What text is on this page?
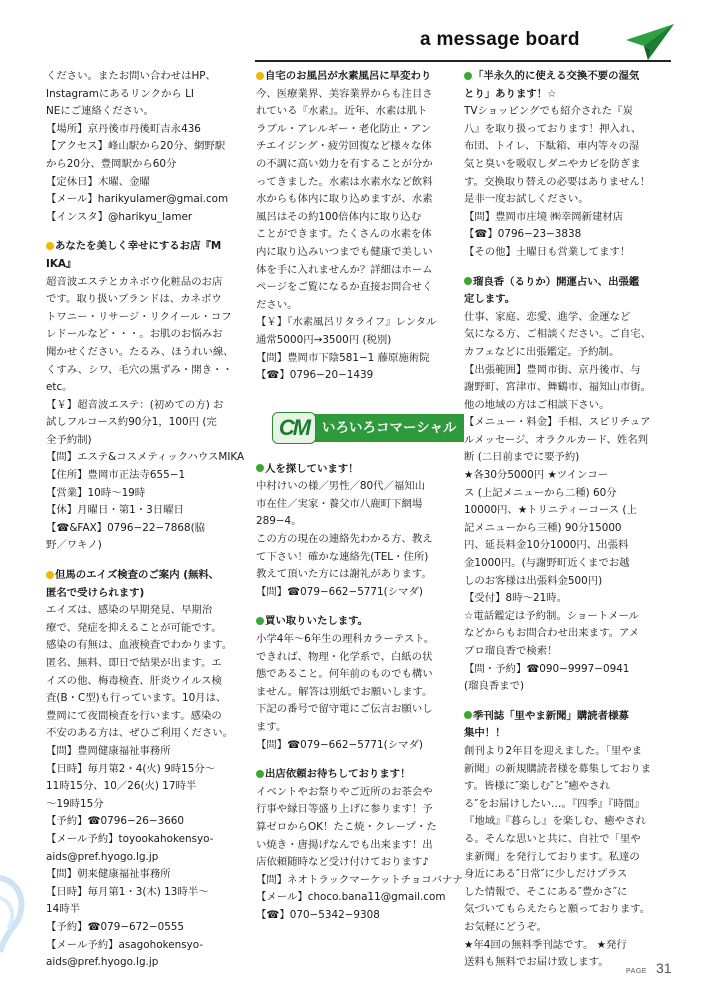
a message board
いろいろコマーシャル
CM
ください。またお問い合わせはHP、
Instagramにあるリンクから LI
NEにご連絡ください。
【場所】京丹後市丹後町吉永436
【アクセス】峰山駅から20分、網野駅
から20分、豊岡駅から60分
【定休日】木曜、金曜
【メール】harikyulamer@gmai.com
【インスタ】@harikyu_lamer
あなたを美しく幸せにするお店『M
IKA』
超音波エステとカネボウ化粧品のお店
です。取り扱いブランドは、カネボウ
トワニー・リサージ・リクイール・コフ
レドールなど・・・。お肌のお悩みお
聞かせください。たるみ、ほうれい線、
くすみ、シワ、毛穴の黒ずみ・開き・・
etc。
【￥】超音波エステ：(初めての方) お
試しフルコース約90分1，100円 (完
全予約制)
【問】エステ&コスメティックハウスMIKA
【住所】豊岡市正法寺655−1
【営業】10時〜19時
【休】月曜日・第1・3日曜日
【☎&FAX】0796−22−7868(脇
野／ワキノ)
但馬のエイズ検査のご案内 (無料、
匿名で受けられます)
エイズは、感染の早期発見、早期治
療で、発症を抑えることが可能です。
感染の有無は、血液検査でわかります。
匿名、無料、即日で結果が出ます。エ
イズの他、梅毒検査、肝炎ウイルス検
査(B・C型)も行っています。10月は、
豊岡にて夜間検査を行います。感染の
不安のある方は、ぜひご利用ください。
【問】豊岡健康福祉事務所
【日時】毎月第2・4(火) 9時15分〜
11時15分、10／26(火) 17時半
〜19時15分
【予約】☎0796−26−3660
【メール予約】toyookahokensyo-
aids@pref.hyogo.lg.jp
【問】朝来健康福祉事務所
【日時】毎月第1・3(木) 13時半〜
14時半
【予約】☎079−672−0555
【メール予約】asagohokensyo-
aids@pref.hyogo.lg.jp
自宅のお風呂が水素風呂に早変わり
今、医療業界、美容業界からも注目さ
れている『水素』。近年、水素は肌ト
ラブル・アレルギー・老化防止・アン
チエイジング・疲労回復など様々な体
の不調に高い効力を有することが分か
ってきました。水素は水素水など飲料
水からも体内に取り込めますが、水素
風呂はその約100倍体内に取り込む
ことができます。たくさんの水素を体
内に取り込みいつまでも健康で美しい
体を手に入れませんか？詳細はホーム
ページをご覧になるか直接お問合せく
ださい。
【￥】『水素風呂リタライフ』レンタル
通常5000円→3500円 (税別)
【問】豊岡市下陰581−1 藤原施術院
【☎】0796−20−1439
人を探しています！
中村けいの様／男性／80代／福知山
市在住／実家・養父市八鹿町下網場
289−4。
この方の現在の連絡先わかる方、教え
て下さい！確かな連絡先(TEL・住所)
教えて頂いた方には謝礼があります。
【問】☎079−662−5771(シマダ)
買い取りいたします。
小学4年〜6年生の理科カラーテスト。
できれば、物理・化学系で、白紙の状
態であること。何年前のものでも構い
ません。解答は別紙でお願いします。
下記の番号で留守電にご伝言お願いし
ます。
【問】☎079−662−5771(シマダ)
出店依頼お待ちしております！
イベントやお祭りやご近所のお茶会や
行事や縁日等盛り上げに参ります！予
算ゼロからOK！たこ焼・クレープ・た
い焼き・唐揚げなんでも出来ます！出
店依頼随時など受け付けております♪
【問】ネオトラックマーケットチョコバナナ
【メール】choco.bana11@gmail.com
【☎】070−5342−9308
「半永久的に使える交換不要の湿気
とり」あります！☆
TVショッピングでも紹介された『炭
八』を取り扱っております！押入れ、
布団、トイレ、下駄箱、車内等々の湿
気と臭いを吸収しダニやカビを防ぎま
す。交換取り替えの必要はありません！
是非一度お試しください。
【問】豊岡市庄境 ㈱幸岡新建材店
【☎】0796−23−3838
【その他】土曜日も営業してます！
瑠良香（るりか）開運占い、出張鑑
定します。
仕事、家庭、恋愛、進学、金運など
気になる方、ご相談ください。ご自宅、
カフェなどに出張鑑定。予約制。
【出張範囲】豊岡市街、京丹後市、与
謝野町、宮津市、舞鶴市、福知山市街。
他の地域の方はご相談下さい。
【メニュー・料金】手相、スピリチュア
ルメッセージ、オラクルカード、姓名判
断 (二日前までに要予約)
★各30分5000円 ★ツインコー
ス (上記メニューから二種) 60分
10000円、★トリニティーコース (上
記メニューから三種) 90分15000
円、延長料金10分1000円、出張料
金1000円。(与謝野町近くまでお越
しのお客様は出張料金500円)
【受付】8時〜21時。
☆電話鑑定は予約制。ショートメール
などからもお問合わせ出来ます。アメ
ブロ瑠良香で検索！
【問・予約】☎090−9997−0941
(瑠良香まで)
季刊誌「里やま新聞」購読者様募
集中！！
創刊より2年目を迎えました。「里やま
新聞」の新規購読者様を募集しておりま
す。皆様に″楽しむ″と″癒やされ
る″をお届けしたい…。『四季』『時間』
『地域』『暮らし』を楽しむ、癒やされ
る。そんな思いと共に、自社で「里や
ま新聞」を発行しております。私達の
身近にある″日常″に少しだけプラス
した情報で、そこにある″豊かさ″に
気づいてもらえたらと願っております。
お気軽にどうぞ。
★年4回の無料季刊誌です。 ★発行
送料も無料でお届け致します。
PAGE 31
